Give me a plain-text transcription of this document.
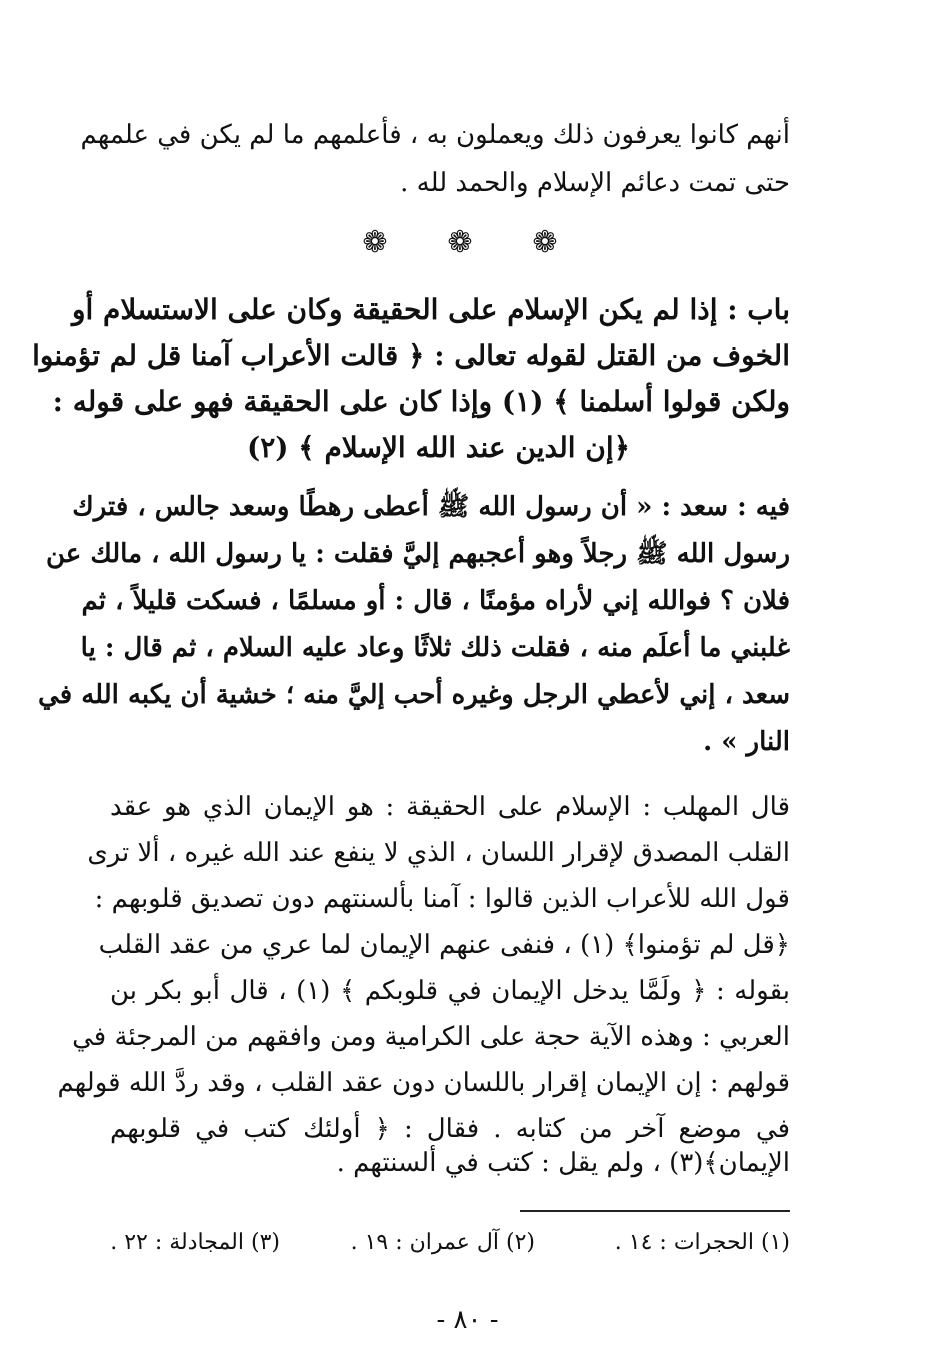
أنهم كانوا يعرفون ذلك ويعملون به ، فأعلمهم ما لم يكن في علمهم
حتى تمت دعائم الإسلام والحمد لله .
❁ ❁ ❁
باب : إذا لم يكن الإسلام على الحقيقة وكان على الاستسلام أو
الخوف من القتل لقوله تعالى : ﴿ قالت الأعراب آمنا قل لم تؤمنوا
ولكن قولوا أسلمنا ﴾ (١) وإذا كان على الحقيقة فهو على قوله :
﴿إن الدين عند الله الإسلام ﴾ (٢)
فيه : سعد : « أن رسول الله ﷺ أعطى رهطًا وسعد جالس ، فترك
رسول الله ﷺ رجلاً وهو أعجبهم إليَّ فقلت : يا رسول الله ، مالك عن
فلان ؟ فوالله إني لأراه مؤمنًا ، قال : أو مسلمًا ، فسكت قليلاً ، ثم
غلبني ما أعلَم منه ، فقلت ذلك ثلاثًا وعاد عليه السلام ، ثم قال : يا
سعد ، إني لأعطي الرجل وغيره أحب إليَّ منه ؛ خشية أن يكبه الله في
النار » .
قال المهلب : الإسلام على الحقيقة : هو الإيمان الذي هو عقد
القلب المصدق لإقرار اللسان ، الذي لا ينفع عند الله غيره ، ألا ترى
قول الله للأعراب الذين قالوا : آمنا بألسنتهم دون تصديق قلوبهم :
﴿قل لم تؤمنوا﴾ (١) ، فنفى عنهم الإيمان لما عري من عقد القلب
بقوله : ﴿ ولَمَّا يدخل الإيمان في قلوبكم ﴾ (١) ، قال أبو بكر بن
العربي : وهذه الآية حجة على الكرامية ومن وافقهم من المرجئة في
قولهم : إن الإيمان إقرار باللسان دون عقد القلب ، وقد ردَّ الله قولهم
في موضع آخر من كتابه . فقال : ﴿ أولئك كتب في قلوبهم
الإيمان﴾(٣) ، ولم يقل : كتب في ألسنتهم .
(١) الحجرات : ١٤ .
(٢) آل عمران : ١٩ .
(٣) المجادلة : ٢٢ .
- ٨٠ -
